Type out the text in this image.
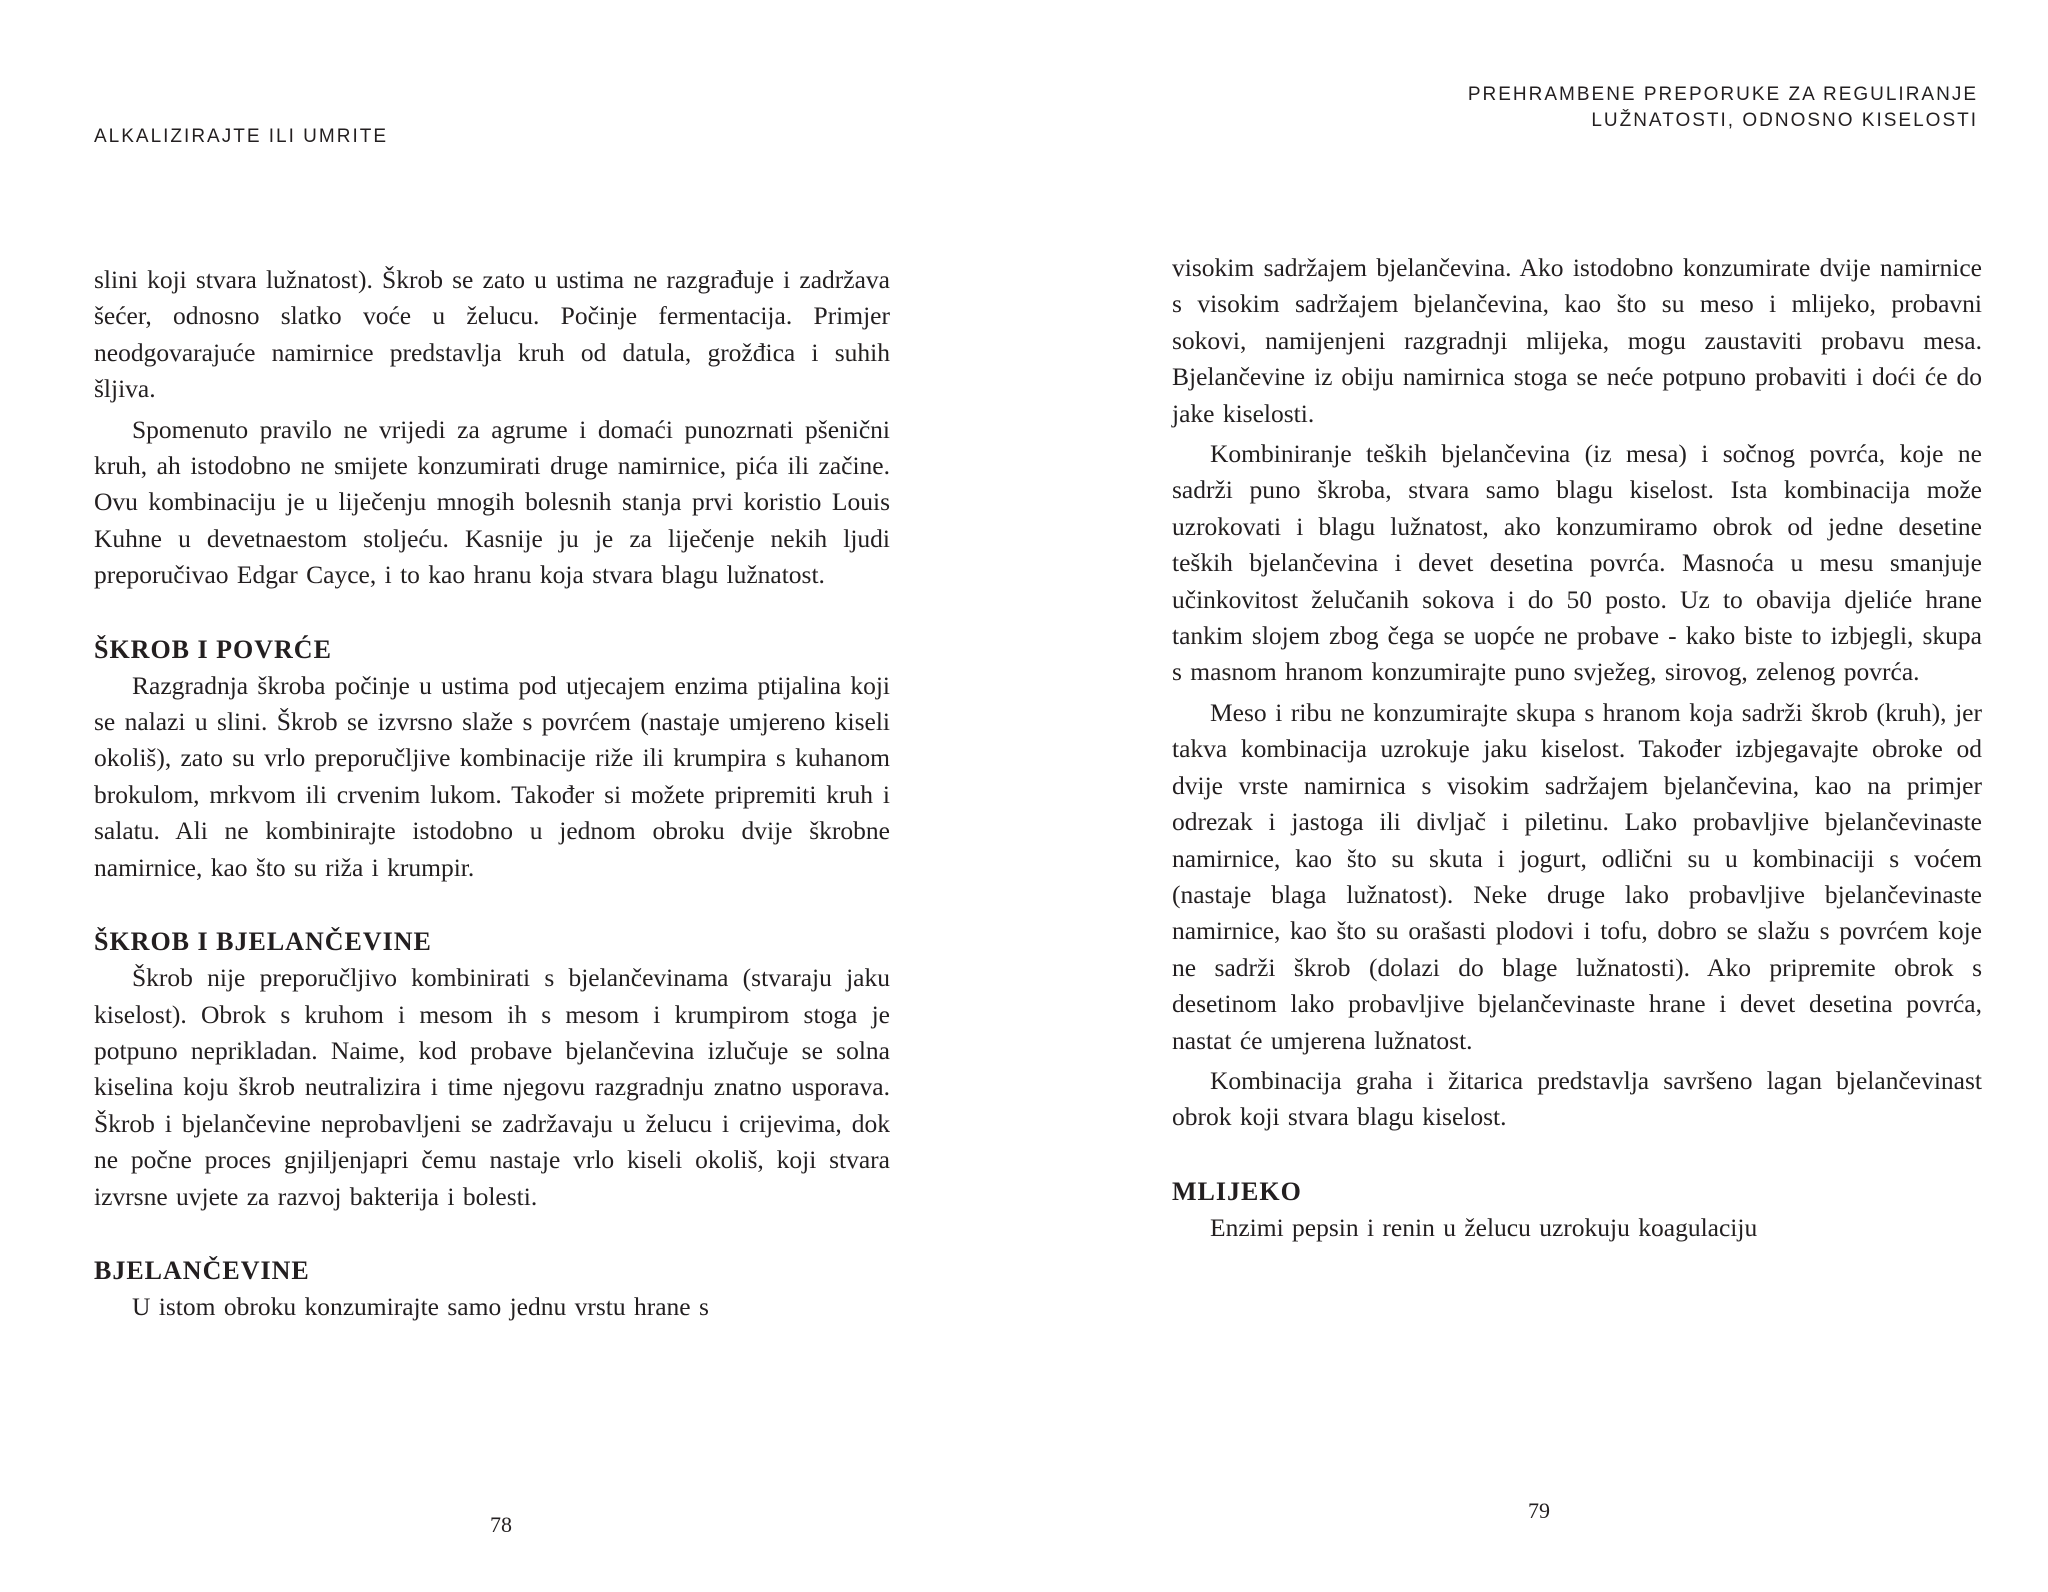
ALKALIZIRAJTE ILI UMRITE

slini koji stvara lužnatost). Škrob se zato u ustima ne razgrađuje i zadržava šećer, odnosno slatko voće u želucu. Počinje fermentacija. Primjer neodgovarajuće namirnice predstavlja kruh od datula, grožđica i suhih šljiva.

Spomenuto pravilo ne vrijedi za agrume i domaći punozrnati pšenični kruh, ah istodobno ne smijete konzumirati druge namirnice, pića ili začine. Ovu kombinaciju je u liječenju mnogih bolesnih stanja prvi koristio Louis Kuhne u devetnaestom stoljeću. Kasnije ju je za liječenje nekih ljudi preporučivao Edgar Cayce, i to kao hranu koja stvara blagu lužnatost.

ŠKROB I POVRĆE

Razgradnja škroba počinje u ustima pod utjecajem enzima ptijalina koji se nalazi u slini. Škrob se izvrsno slaže s povrćem (nastaje umjereno kiseli okoliš), zato su vrlo preporučljive kombinacije riže ili krumpira s kuhanom brokulom, mrkvom ili crvenim lukom. Također si možete pripremiti kruh i salatu. Ali ne kombinirajte istodobno u jednom obroku dvije škrobne namirnice, kao što su riža i krumpir.

ŠKROB I BJELANČEVINE

Škrob nije preporučljivo kombinirati s bjelančevinama (stvaraju jaku kiselost). Obrok s kruhom i mesom ih s mesom i krumpirom stoga je potpuno neprikladan. Naime, kod probave bjelančevina izlučuje se solna kiselina koju škrob neutralizira i time njegovu razgradnju znatno usporava. Škrob i bjelančevine neprobavljeni se zadržavaju u želucu i crijevima, dok ne počne proces gnjiljenjapri čemu nastaje vrlo kiseli okoliš, koji stvara izvrsne uvjete za razvoj bakterija i bolesti.

BJELANČEVINE

U istom obroku konzumirajte samo jednu vrstu hrane s

78
PREHRAMBENE PREPORUKE ZA REGULIRANJE
LUŽNATOSTI, ODNOSNO KISELOSTI

visokim sadržajem bjelančevina. Ako istodobno konzumirate dvije namirnice s visokim sadržajem bjelančevina, kao što su meso i mlijeko, probavni sokovi, namijenjeni razgradnji mlijeka, mogu zaustaviti probavu mesa. Bjelančevine iz obiju namirnica stoga se neće potpuno probaviti i doći će do jake kiselosti.

Kombiniranje teških bjelančevina (iz mesa) i sočnog povrća, koje ne sadrži puno škroba, stvara samo blagu kiselost. Ista kombinacija može uzrokovati i blagu lužnatost, ako konzumiramo obrok od jedne desetine teških bjelančevina i devet desetina povrća. Masnoća u mesu smanjuje učinkovitost želučanih sokova i do 50 posto. Uz to obavija djeliće hrane tankim slojem zbog čega se uopće ne probave - kako biste to izbjegli, skupa s masnom hranom konzumirajte puno svježeg, sirovog, zelenog povrća.

Meso i ribu ne konzumirajte skupa s hranom koja sadrži škrob (kruh), jer takva kombinacija uzrokuje jaku kiselost. Također izbjegavajte obroke od dvije vrste namirnica s visokim sadržajem bjelančevina, kao na primjer odrezak i jastoga ili divljač i piletinu. Lako probavljive bjelančevinaste namirnice, kao što su skuta i jogurt, odlični su u kombinaciji s voćem (nastaje blaga lužnatost). Neke druge lako probavljive bjelančevinaste namirnice, kao što su orašasti plodovi i tofu, dobro se slažu s povrćem koje ne sadrži škrob (dolazi do blage lužnatosti). Ako pripremite obrok s desetinom lako probavljive bjelančevinaste hrane i devet desetina povrća, nastat će umjerena lužnatost.

Kombinacija graha i žitarica predstavlja savršeno lagan bjelančevinast obrok koji stvara blagu kiselost.

MLIJEKO

Enzimi pepsin i renin u želucu uzrokuju koagulaciju

79
